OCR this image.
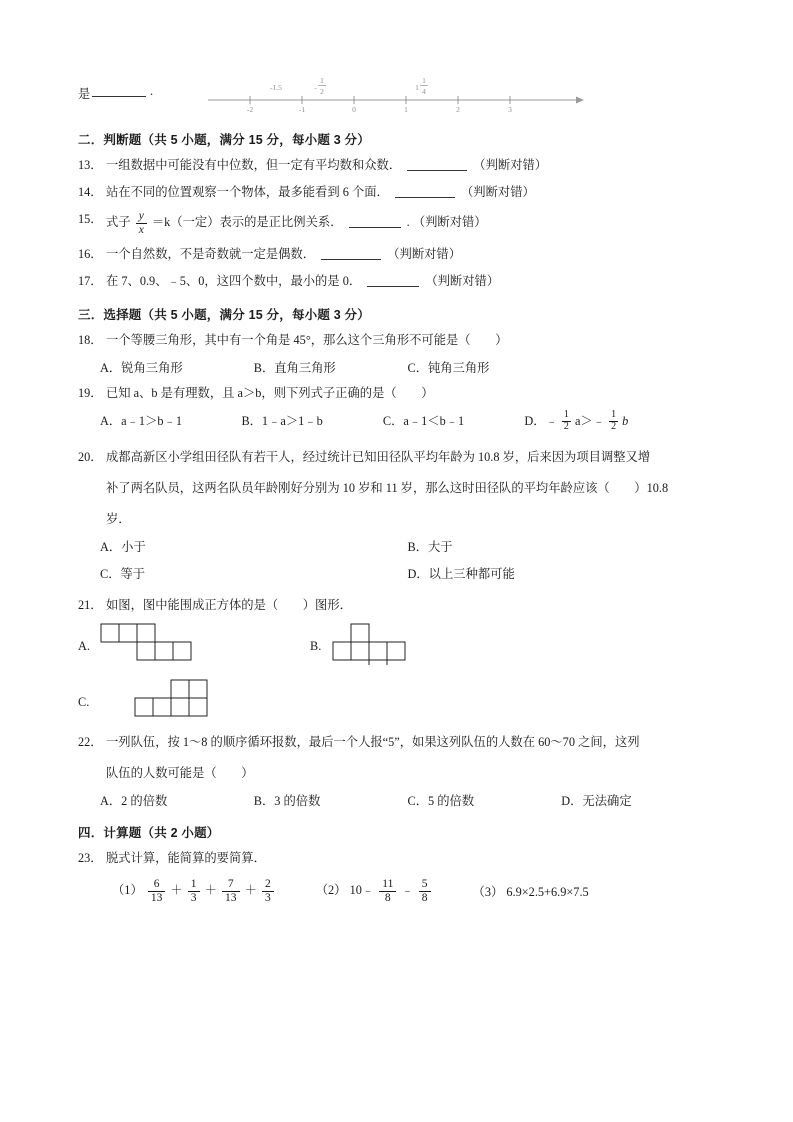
是	.
-2	-1	0	1	2	3
-1.5
1
- 2
1
1 4
二．判断题（共 5 小题，满分 15 分，每小题 3 分）
13． 一组数据中可能没有中位数，但一定有平均数和众数．	（判断对错）
14． 站在不同的位置观察一个物体，最多能看到 6 个面．	（判断对错）
15． 式子 $\frac{y}{x} =k$（一定）表示的是正比例关系．	. （判断对错）
16． 一个自然数，不是奇数就一定是偶数．	（判断对错）
17． 在 7、0.9、﹣5、0，这四个数中，最小的是 0．	（判断对错）
三．选择题（共 5 小题，满分 15 分，每小题 3 分）
18． 一个等腰三角形，其中有一个角是 45°，那么这个三角形不可能是（　　）
A．锐角三角形	B．直角三角形	C．钝角三角形
19． 已知 a、b 是有理数，且 a＞b，则下列式子正确的是（　　）
A．a﹣1＞b﹣1	B．1﹣a＞1﹣b	C．a﹣1＜b﹣1	D．﹣ $\frac{1}{2}$ a＞﹣ $\frac{1}{2}$ b
20． 成都高新区小学组田径队有若干人，经过统计已知田径队平均年龄为 10.8 岁，后来因为项目调整又增
补了两名队员，这两名队员年龄刚好分别为 10 岁和 11 岁，那么这时田径队的平均年龄应该（　　）10.8
岁．
A．小于	B．大于
C．等于	D．以上三种都可能
21． 如图，图中能围成正方体的是（　　）图形．
A.	B.
C.
22． 一列队伍，按 1～8 的顺序循环报数，最后一个人报“5”，如果这列队伍的人数在 60～70 之间，这列
队伍的人数可能是（　　）
A．2 的倍数	B．3 的倍数	C．5 的倍数	D．无法确定
四．计算题（共 2 小题）
23． 脱式计算，能简算的要简算．
$(1) \frac{6}{13} + \frac{1}{3} + \frac{7}{13} + \frac{2}{3}$	（2） 10﹣ $\frac{11}{8}$ ﹣ $\frac{5}{8}$	（3） 6.9×2.5+6.9×7.5
